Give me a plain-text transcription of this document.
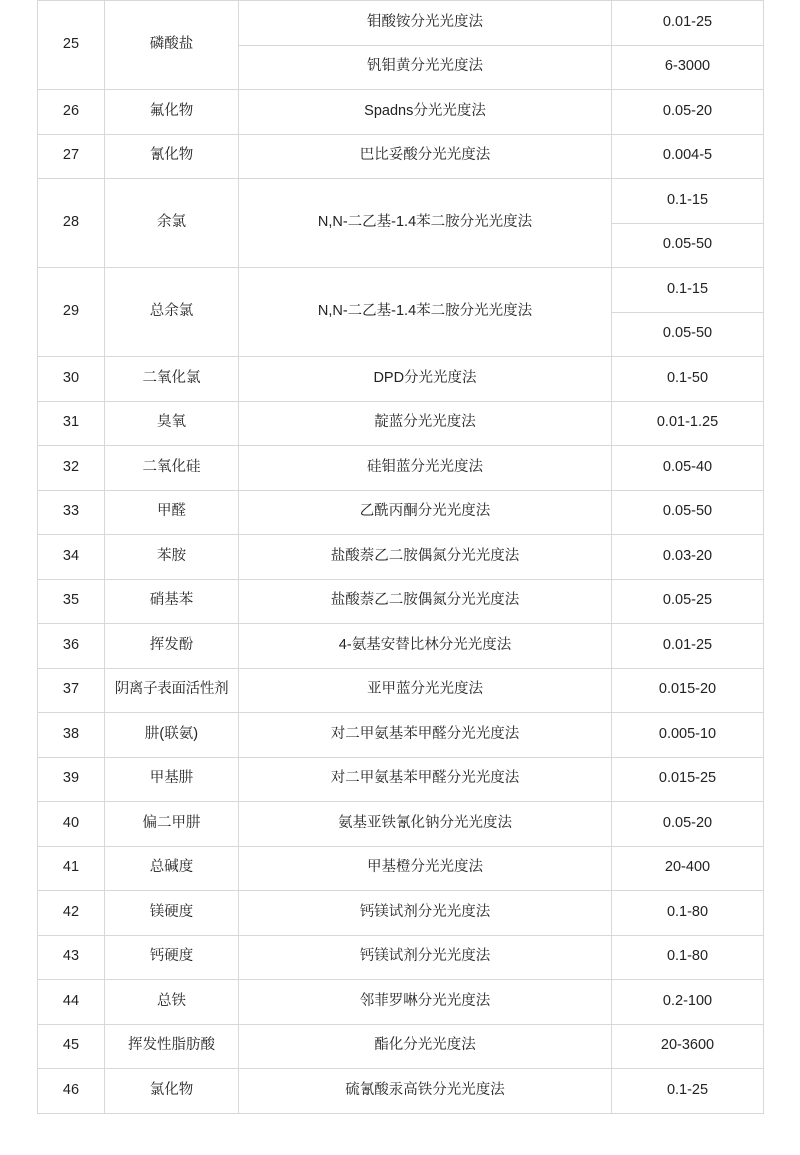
25	磷酸盐	钼酸铵分光光度法	0.01-25
		钒钼黄分光光度法	6-3000
26	氟化物	Spadns分光光度法	0.05-20
27	氰化物	巴比妥酸分光光度法	0.004-5
28	余氯	N,N-二乙基-1.4苯二胺分光光度法	0.1-15
			0.05-50
29	总余氯	N,N-二乙基-1.4苯二胺分光光度法	0.1-15
			0.05-50
30	二氧化氯	DPD分光光度法	0.1-50
31	臭氧	靛蓝分光光度法	0.01-1.25
32	二氧化硅	硅钼蓝分光光度法	0.05-40
33	甲醛	乙酰丙酮分光光度法	0.05-50
34	苯胺	盐酸萘乙二胺偶氮分光光度法	0.03-20
35	硝基苯	盐酸萘乙二胺偶氮分光光度法	0.05-25
36	挥发酚	4-氨基安替比林分光光度法	0.01-25
37	阴离子表面活性剂	亚甲蓝分光光度法	0.015-20
38	肼(联氨)	对二甲氨基苯甲醛分光光度法	0.005-10
39	甲基肼	对二甲氨基苯甲醛分光光度法	0.015-25
40	偏二甲肼	氨基亚铁氰化钠分光光度法	0.05-20
41	总碱度	甲基橙分光光度法	20-400
42	镁硬度	钙镁试剂分光光度法	0.1-80
43	钙硬度	钙镁试剂分光光度法	0.1-80
44	总铁	邻菲罗啉分光光度法	0.2-100
45	挥发性脂肪酸	酯化分光光度法	20-3600
46	氯化物	硫氰酸汞高铁分光光度法	0.1-25
